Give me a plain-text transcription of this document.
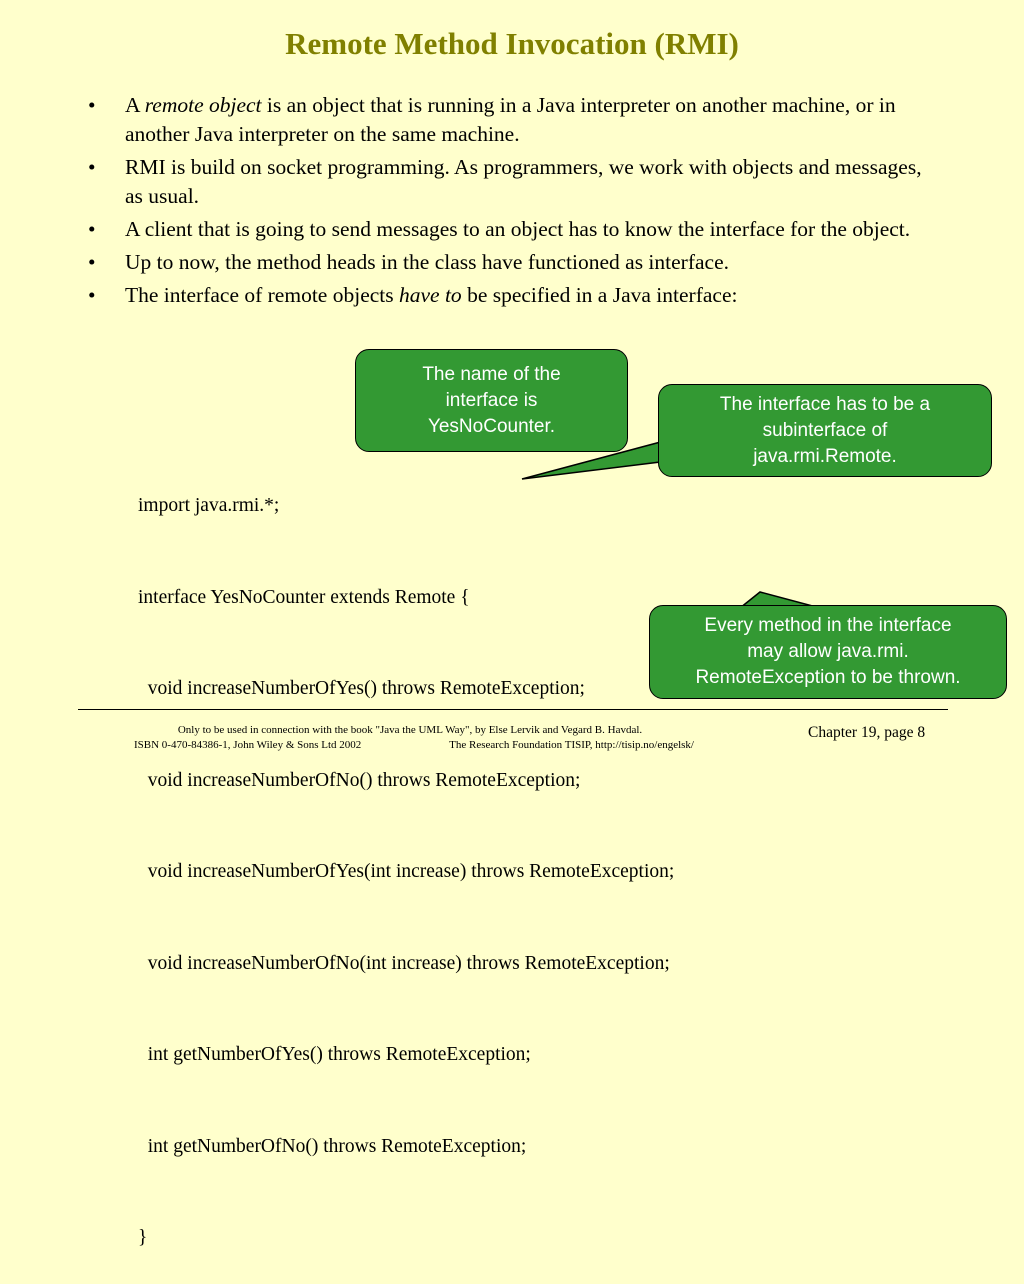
Remote Method Invocation (RMI)
• A remote object is an object that is running in a Java interpreter on another machine, or in another Java interpreter on the same machine.
• RMI is build on socket programming. As programmers, we work with objects and messages, as usual.
• A client that is going to send messages to an object has to know the interface for the object.
• Up to now, the method heads in the class have functioned as interface.
• The interface of remote objects have to be specified in a Java interface:

import java.rmi.*;

interface YesNoCounter extends Remote {

void increaseNumberOfYes() throws RemoteException;

void increaseNumberOfNo() throws RemoteException;

void increaseNumberOfYes(int increase) throws RemoteException;

void increaseNumberOfNo(int increase) throws RemoteException;

int getNumberOfYes() throws RemoteException;

int getNumberOfNo() throws RemoteException;

}

The name of the
interface is
YesNoCounter.
The interface has to be a
subinterface of
java.rmi.Remote.
Every method in the interface
may allow java.rmi.
RemoteException to be thrown.
Only to be used in connection with the book "Java the UML Way", by Else Lervik and Vegard B. Havdal.
ISBN 0-470-84386-1, John Wiley & Sons Ltd 2002	The Research Foundation TISIP, http://tisip.no/engelsk/
Chapter 19, page 8
